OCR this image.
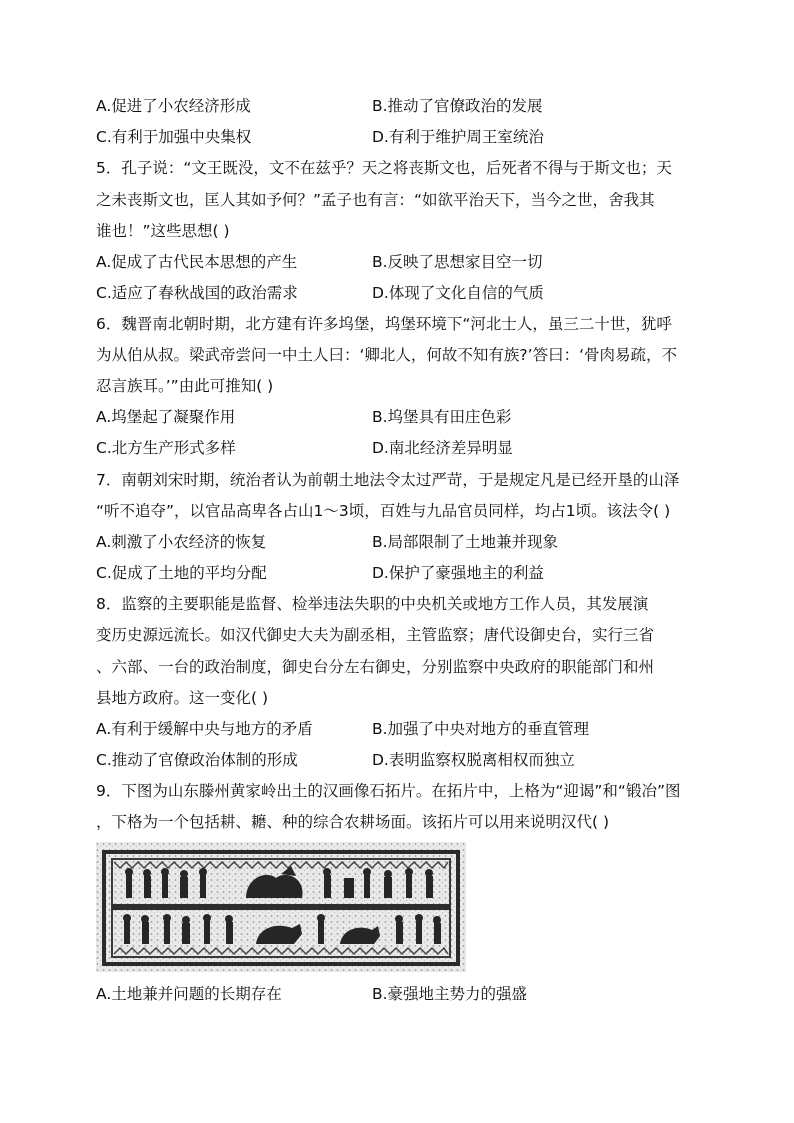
A.促进了小农经济形成	B.推动了官僚政治的发展
C.有利于加强中央集权	D.有利于维护周王室统治
5．孔子说：“文王既没，文不在兹乎？天之将丧斯文也，后死者不得与于斯文也；天
之未丧斯文也，匡人其如予何？”孟子也有言：“如欲平治天下，当今之世，舍我其
谁也！”这些思想( )
A.促成了古代民本思想的产生	B.反映了思想家目空一切
C.适应了春秋战国的政治需求	D.体现了文化自信的气质
6．魏晋南北朝时期，北方建有许多坞堡，坞堡环境下“河北士人，虽三二十世，犹呼
为从伯从叔。梁武帝尝问一中土人曰：‘卿北人，何故不知有族?’答曰：‘骨肉易疏，不
忍言族耳。’”由此可推知( )
A.坞堡起了凝聚作用	B.坞堡具有田庄色彩
C.北方生产形式多样	D.南北经济差异明显
7．南朝刘宋时期，统治者认为前朝土地法令太过严苛，于是规定凡是已经开垦的山泽
“听不追夺”，以官品高卑各占山1～3顷，百姓与九品官员同样，均占1顷。该法令( )
A.刺激了小农经济的恢复	B.局部限制了土地兼并现象
C.促成了土地的平均分配	D.保护了豪强地主的利益
8．监察的主要职能是监督、检举违法失职的中央机关或地方工作人员，其发展演
变历史源远流长。如汉代御史大夫为副丞相，主管监察；唐代设御史台，实行三省
、六部、一台的政治制度，御史台分左右御史，分别监察中央政府的职能部门和州
县地方政府。这一变化( )
A.有利于缓解中央与地方的矛盾	B.加强了中央对地方的垂直管理
C.推动了官僚政治体制的形成	D.表明监察权脱离相权而独立
9．下图为山东滕州黄家岭出土的汉画像石拓片。在拓片中，上格为“迎谒”和“锻冶”图
，下格为一个包括耕、耱、种的综合农耕场面。该拓片可以用来说明汉代( )
A.土地兼并问题的长期存在	B.豪强地主势力的强盛
